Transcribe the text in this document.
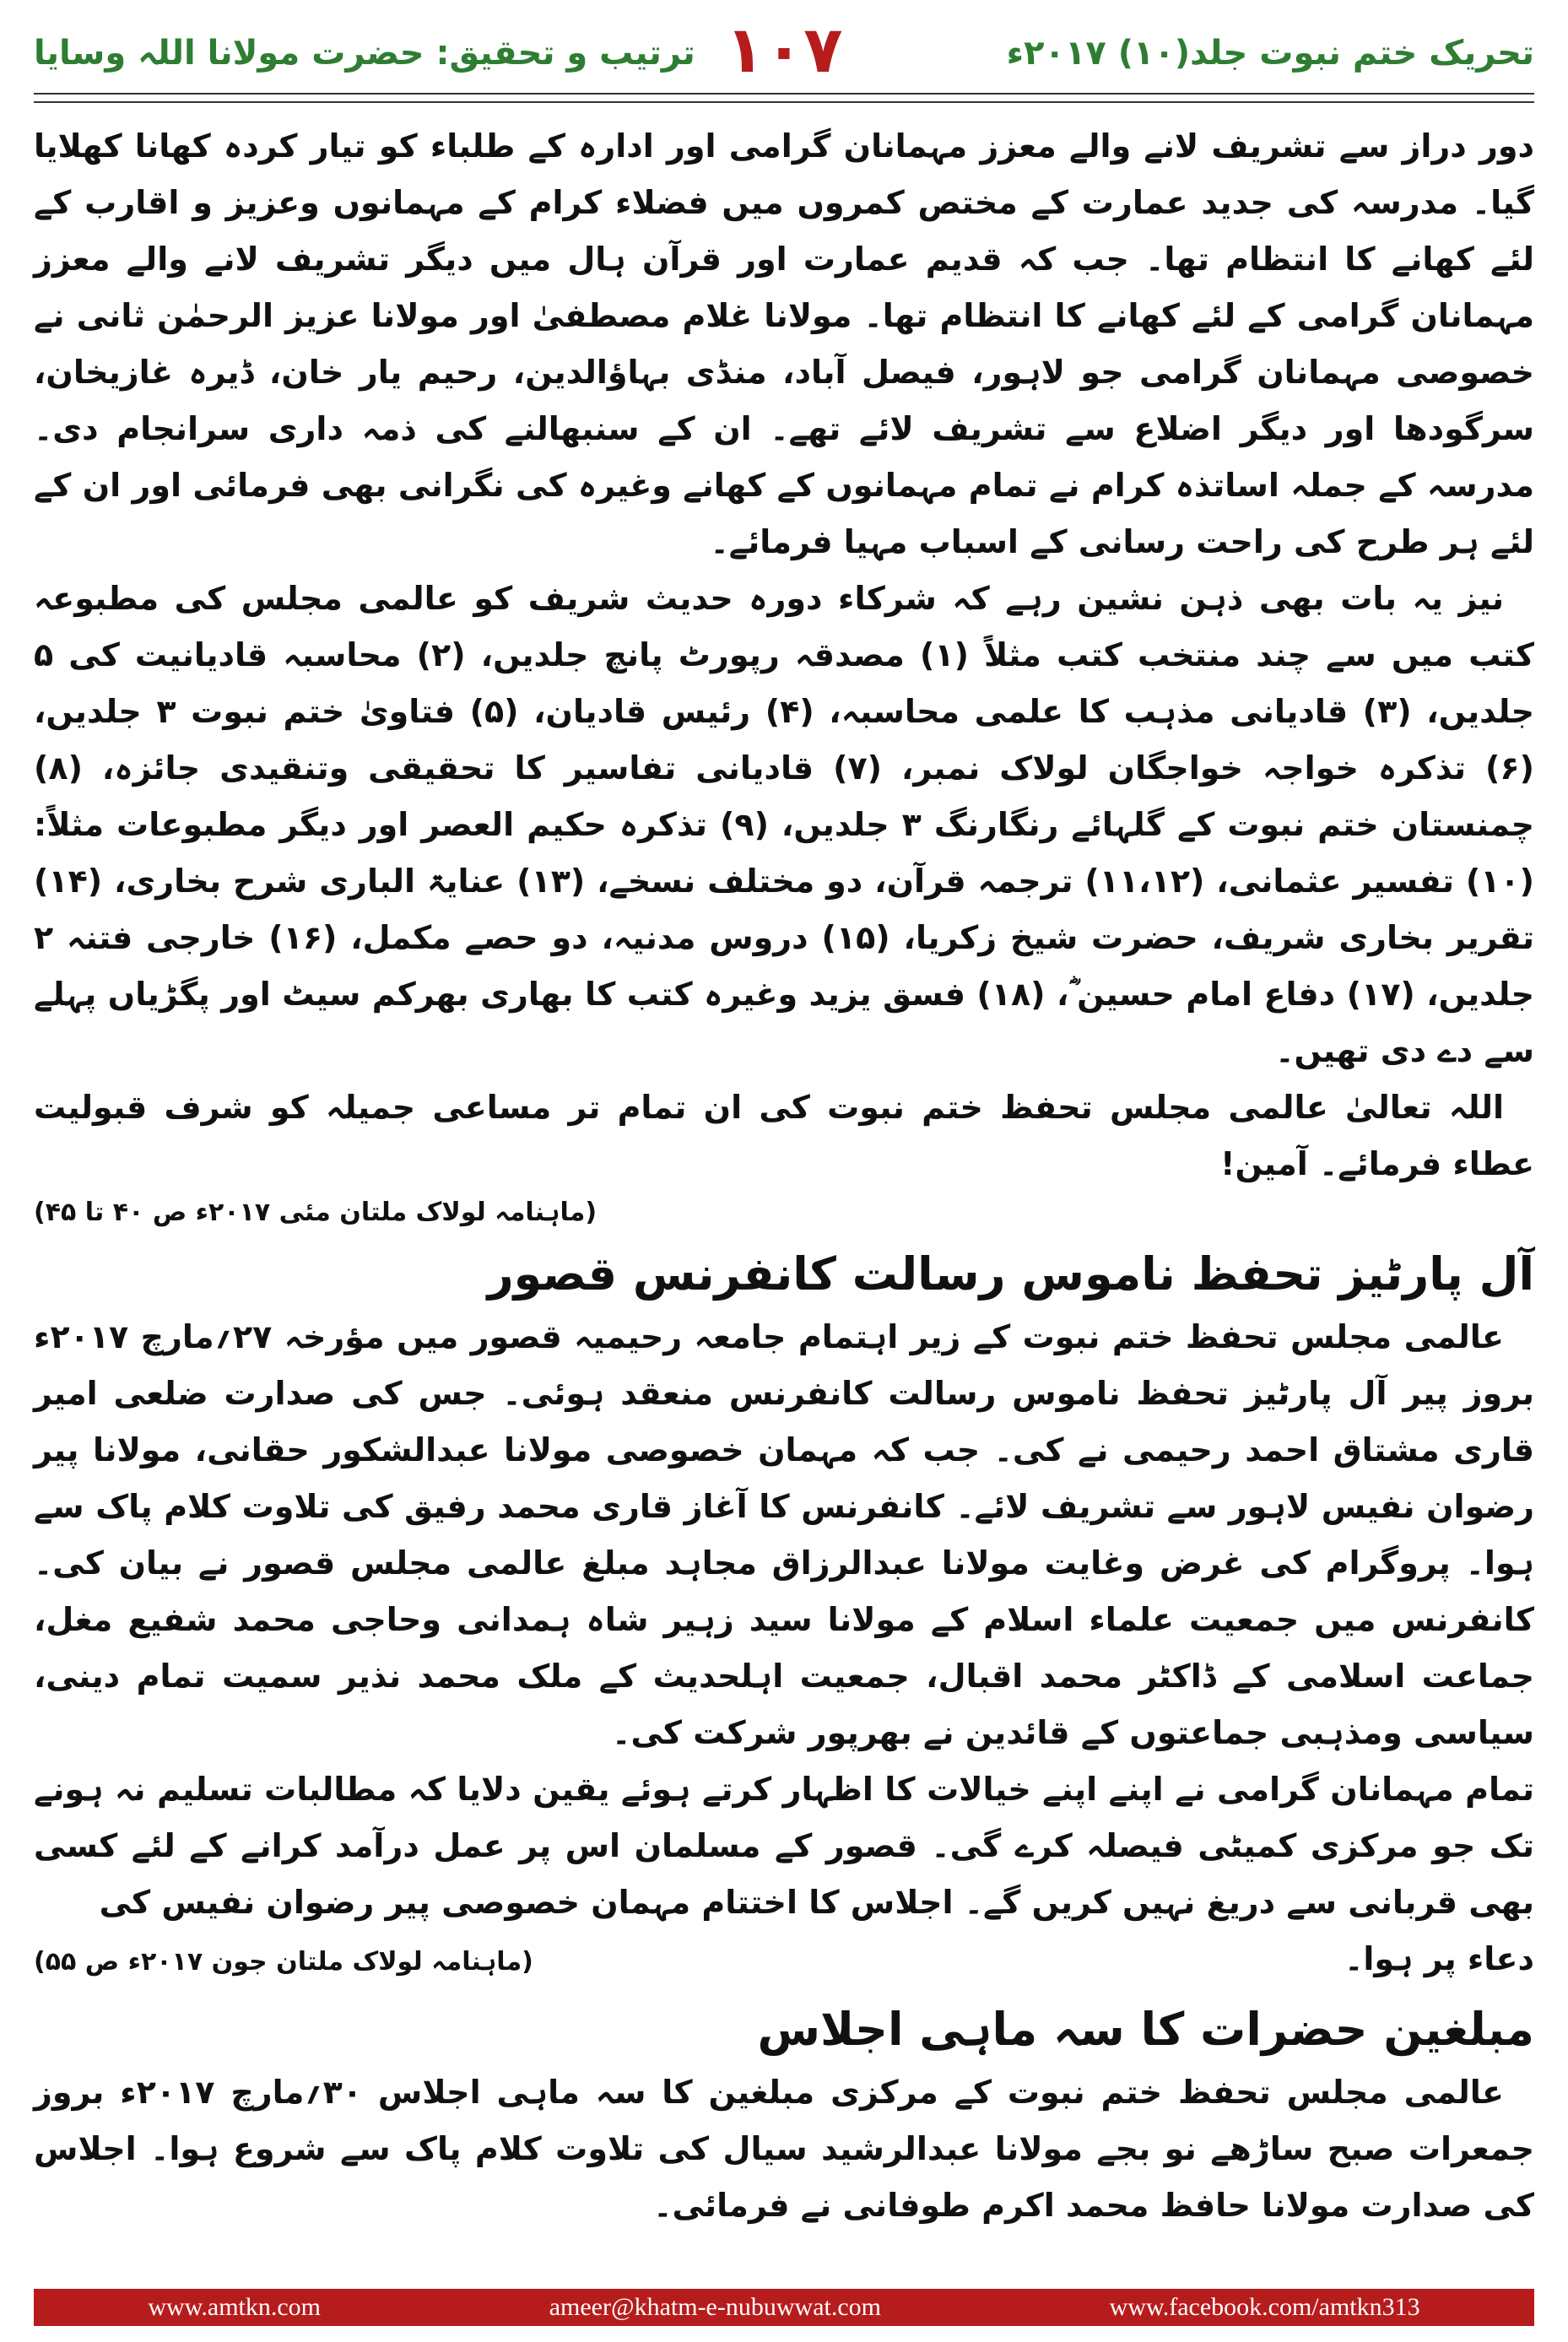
ترتیب و تحقیق: حضرت مولانا اللہ وسایا ۱۰۷	تحریک ختم نبوت جلد(۱۰) ۲۰۱۷ء

دور دراز سے تشریف لانے والے معزز مہمانان گرامی اور ادارہ کے طلباء کو تیار کردہ کھانا کھلایا گیا۔ مدرسہ کی جدید عمارت کے مختص کمروں میں فضلاء کرام کے مہمانوں وعزیز و اقارب کے لئے کھانے کا انتظام تھا۔ جب کہ قدیم عمارت اور قرآن ہال میں دیگر تشریف لانے والے معزز مہمانان گرامی کے لئے کھانے کا انتظام تھا۔ مولانا غلام مصطفیٰ اور مولانا عزیز الرحمٰن ثانی نے خصوصی مہمانان گرامی جو لاہور، فیصل آباد، منڈی بہاؤالدین، رحیم یار خان، ڈیرہ غازیخان، سرگودھا اور دیگر اضلاع سے تشریف لائے تھے۔ ان کے سنبھالنے کی ذمہ داری سرانجام دی۔ مدرسہ کے جملہ اساتذہ کرام نے تمام مہمانوں کے کھانے وغیرہ کی نگرانی بھی فرمائی اور ان کے لئے ہر طرح کی راحت رسانی کے اسباب مہیا فرمائے۔

نیز یہ بات بھی ذہن نشین رہے کہ شرکاء دورہ حدیث شریف کو عالمی مجلس کی مطبوعہ کتب میں سے چند منتخب کتب مثلاً (۱) مصدقہ رپورٹ پانچ جلدیں، (۲) محاسبہ قادیانیت کی ۵ جلدیں، (۳) قادیانی مذہب کا علمی محاسبہ، (۴) رئیس قادیان، (۵) فتاویٰ ختم نبوت ۳ جلدیں، (۶) تذکرہ خواجہ خواجگان لولاک نمبر، (۷) قادیانی تفاسیر کا تحقیقی وتنقیدی جائزہ، (۸) چمنستان ختم نبوت کے گلہائے رنگارنگ ۳ جلدیں، (۹) تذکرہ حکیم العصر اور دیگر مطبوعات مثلاً: (۱۰) تفسیر عثمانی، (۱۱،۱۲) ترجمہ قرآن، دو مختلف نسخے، (۱۳) عنایۃ الباری شرح بخاری، (۱۴) تقریر بخاری شریف، حضرت شیخ زکریا، (۱۵) دروس مدنیہ، دو حصے مکمل، (۱۶) خارجی فتنہ ۲ جلدیں، (۱۷) دفاع امام حسین ؓ، (۱۸) فسق یزید وغیرہ کتب کا بھاری بھرکم سیٹ اور پگڑیاں پہلے سے دے دی تھیں۔

اللہ تعالیٰ عالمی مجلس تحفظ ختم نبوت کی ان تمام تر مساعی جمیلہ کو شرف قبولیت عطاء فرمائے۔ آمین!

(ماہنامہ لولاک ملتان مئی ۲۰۱۷ء ص ۴۰ تا ۴۵)
آل پارٹیز تحفظ ناموس رسالت کانفرنس قصور

عالمی مجلس تحفظ ختم نبوت کے زیر اہتمام جامعہ رحیمیہ قصور میں مؤرخہ ۲۷؍مارچ ۲۰۱۷ء بروز پیر آل پارٹیز تحفظ ناموس رسالت کانفرنس منعقد ہوئی۔ جس کی صدارت ضلعی امیر قاری مشتاق احمد رحیمی نے کی۔ جب کہ مہمان خصوصی مولانا عبدالشکور حقانی، مولانا پیر رضوان نفیس لاہور سے تشریف لائے۔ کانفرنس کا آغاز قاری محمد رفیق کی تلاوت کلام پاک سے ہوا۔ پروگرام کی غرض وغایت مولانا عبدالرزاق مجاہد مبلغ عالمی مجلس قصور نے بیان کی۔ کانفرنس میں جمعیت علماء اسلام کے مولانا سید زہیر شاہ ہمدانی وحاجی محمد شفیع مغل، جماعت اسلامی کے ڈاکٹر محمد اقبال، جمعیت اہلحدیث کے ملک محمد نذیر سمیت تمام دینی، سیاسی ومذہبی جماعتوں کے قائدین نے بھرپور شرکت کی۔

تمام مہمانان گرامی نے اپنے اپنے خیالات کا اظہار کرتے ہوئے یقین دلایا کہ مطالبات تسلیم نہ ہونے تک جو مرکزی کمیٹی فیصلہ کرے گی۔ قصور کے مسلمان اس پر عمل درآمد کرانے کے لئے کسی بھی قربانی سے دریغ نہیں کریں گے۔ اجلاس کا اختتام مہمان خصوصی پیر رضوان نفیس کی

دعاء پر ہوا۔
(ماہنامہ لولاک ملتان جون ۲۰۱۷ء ص ۵۵)
مبلغین حضرات کا سہ ماہی اجلاس

عالمی مجلس تحفظ ختم نبوت کے مرکزی مبلغین کا سہ ماہی اجلاس ۳۰؍مارچ ۲۰۱۷ء بروز جمعرات صبح ساڑھے نو بجے مولانا عبدالرشید سیال کی تلاوت کلام پاک سے شروع ہوا۔ اجلاس کی صدارت مولانا حافظ محمد اکرم طوفانی نے فرمائی۔

www.amtkn.com	ameer@khatm-e-nubuwwat.com	www.facebook.com/amtkn313
